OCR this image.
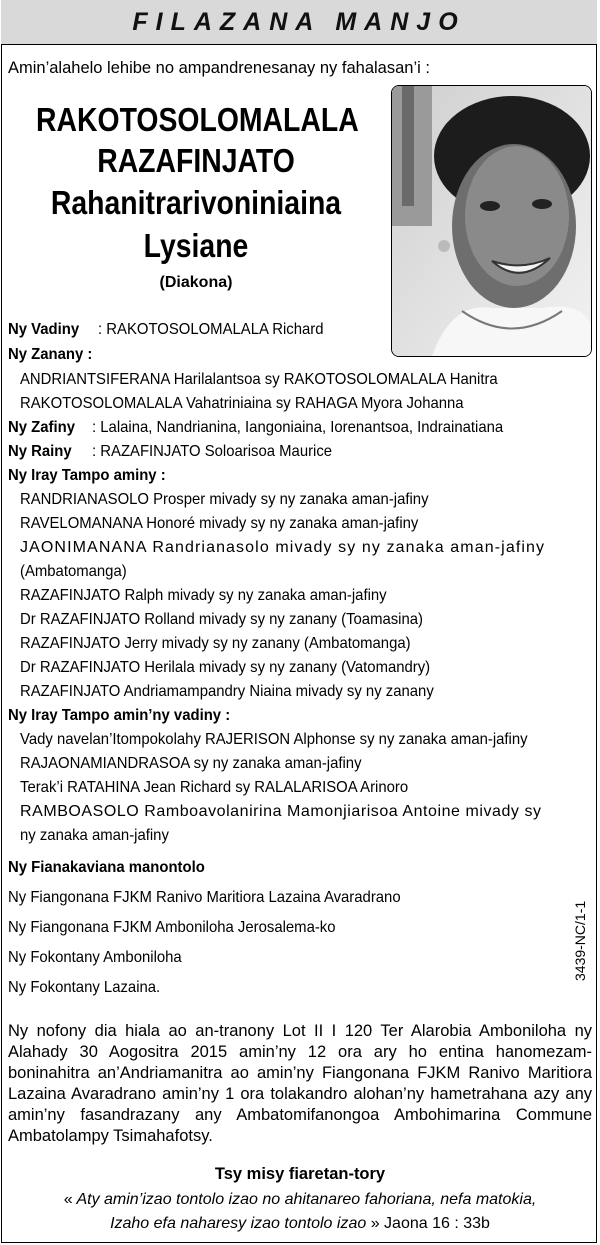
FILAZANA MANJO
Amin’alahelo lehibe no ampandrenesanay ny fahalasan’i :
RAKOTOSOLOMALALA
RAZAFINJATO
Rahanitrarivoniniaina
Lysiane
(Diakona)
Ny Vadiny : RAKOTOSOLOMALALA Richard
Ny Zanany :
ANDRIANTSIFERANA Harilalantsoa sy RAKOTOSOLOMALALA Hanitra
RAKOTOSOLOMALALA Vahatriniaina sy RAHAGA Myora Johanna
Ny Zafiny : Lalaina, Nandrianina, Iangoniaina, Iorenantsoa, Indrainatiana
Ny Rainy : RAZAFINJATO Soloarisoa Maurice
Ny Iray Tampo aminy :
RANDRIANASOLO Prosper mivady sy ny zanaka aman-jafiny
RAVELOMANANA Honoré mivady sy ny zanaka aman-jafiny
JAONIMANANA Randrianasolo mivady sy ny zanaka aman-jafiny
(Ambatomanga)
RAZAFINJATO Ralph mivady sy ny zanaka aman-jafiny
Dr RAZAFINJATO Rolland mivady sy ny zanany (Toamasina)
RAZAFINJATO Jerry mivady sy ny zanany (Ambatomanga)
Dr RAZAFINJATO Herilala mivady sy ny zanany (Vatomandry)
RAZAFINJATO Andriamampandry Niaina mivady sy ny zanany
Ny Iray Tampo amin’ny vadiny :
Vady navelan’Itompokolahy RAJERISON Alphonse sy ny zanaka aman-jafiny
RAJAONAMIANDRASOA sy ny zanaka aman-jafiny
Terak’i RATAHINA Jean Richard sy RALALARISOA Arinoro
RAMBOASOLO Ramboavolanirina Mamonjiarisoa Antoine mivady sy
ny zanaka aman-jafiny
Ny Fianakaviana manontolo
Ny Fiangonana FJKM Ranivo Maritiora Lazaina Avaradrano
Ny Fiangonana FJKM Amboniloha Jerosalema-ko
Ny Fokontany Amboniloha
Ny Fokontany Lazaina.
3439-NC/1-1
Ny nofony dia hiala ao an-tranony Lot II I 120 Ter Alarobia Amboniloha ny Alahady 30 Aogositra 2015 amin’ny 12 ora ary ho entina hanomezam-boninahitra an’Andriamanitra ao amin’ny Fiangonana FJKM Ranivo Maritiora Lazaina Avaradrano amin’ny 1 ora tolakandro alohan’ny hametrahana azy any amin’ny fasandrazany any Ambatomifanongoa Ambohimarina Commune Ambatolampy Tsimahafotsy.
Tsy misy fiaretan-tory
« Aty amin’izao tontolo izao no ahitanareo fahoriana, nefa matokia,
Izaho efa naharesy izao tontolo izao » Jaona 16 : 33b
